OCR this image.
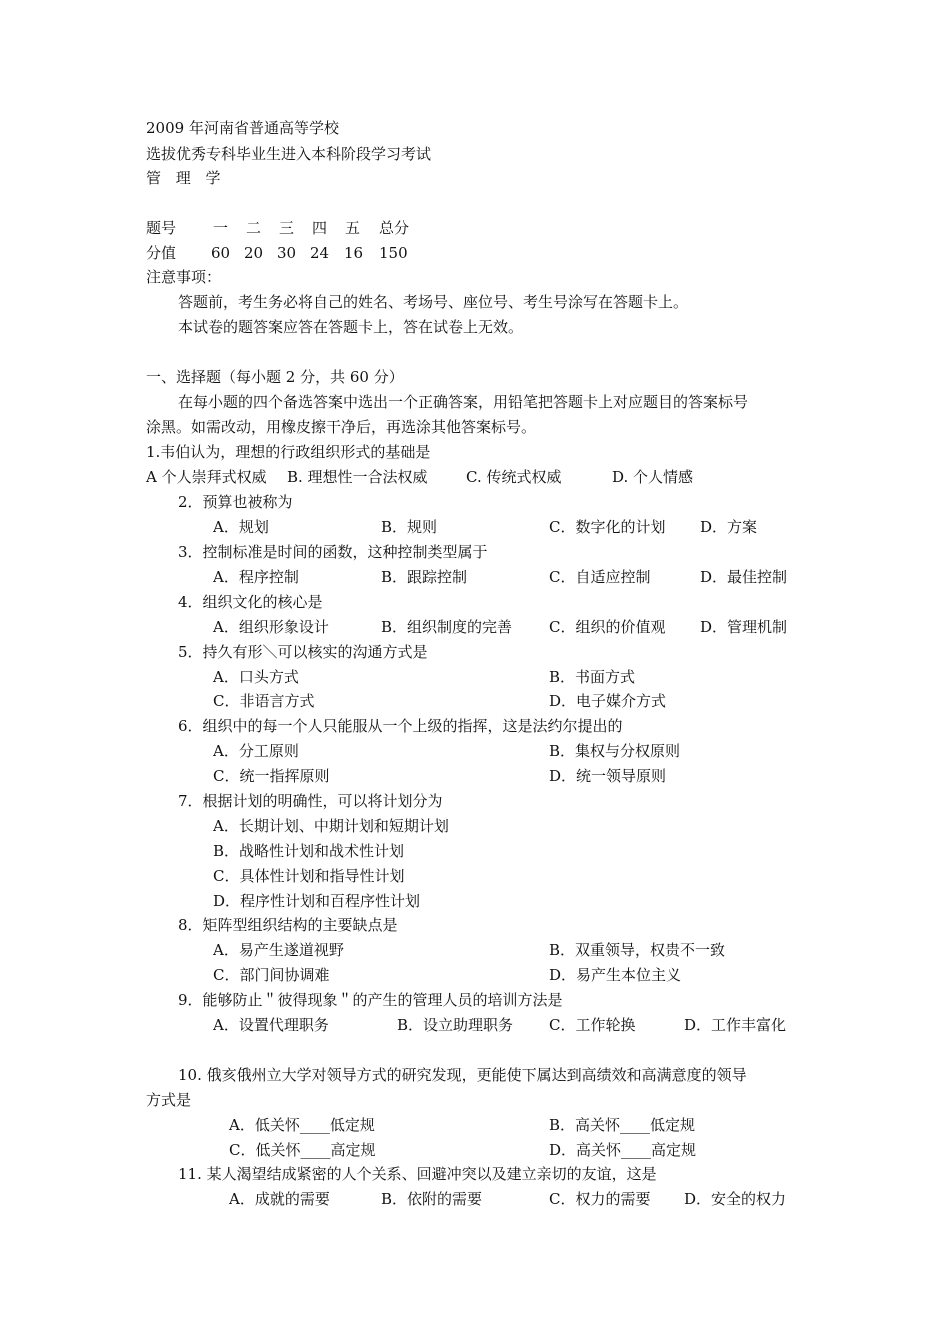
2009 年河南省普通高等学校
选拔优秀专科毕业生进入本科阶段学习考试
管 理 学
题号 一 二 三 四 五 总分
分值 60 20 30 24 16 150
注意事项：
答题前，考生务必将自己的姓名、考场号、座位号、考生号涂写在答题卡上。
本试卷的题答案应答在答题卡上，答在试卷上无效。
一、选择题（每小题 2 分，共 60 分）
在每小题的四个备选答案中选出一个正确答案，用铅笔把答题卡上对应题目的答案标号
涂黑。如需改动，用橡皮擦干净后，再选涂其他答案标号。
1.韦伯认为，理想的行政组织形式的基础是
A 个人崇拜式权威 B. 理想性一合法权威	C. 传统式权威	D. 个人情感
2．预算也被称为
A．规划	B．规则	C．数字化的计划 D．方案
3．控制标准是时间的函数，这种控制类型属于
A．程序控制	B．跟踪控制	C．自适应控制	D．最佳控制
4．组织文化的核心是
A．组织形象设计	B．组织制度的完善 C．组织的价值观 D．管理机制
5．持久有形＼可以核实的沟通方式是
A．口头方式	B．书面方式
C．非语言方式	D．电子媒介方式
6．组织中的每一个人只能服从一个上级的指挥，这是法约尔提出的
A．分工原则	B．集权与分权原则
C．统一指挥原则	D．统一领导原则
7．根据计划的明确性，可以将计划分为
A．长期计划、中期计划和短期计划
B．战略性计划和战术性计划
C．具体性计划和指导性计划
D．程序性计划和百程序性计划
8．矩阵型组织结构的主要缺点是
A．易产生遂道视野	B．双重领导，权贵不一致
C．部门间协调难	D．易产生本位主义
9．能够防止＂彼得现象＂的产生的管理人员的培训方法是
A．设置代理职务	B．设立助理职务 C．工作轮换	D．工作丰富化
10. 俄亥俄州立大学对领导方式的研究发现，更能使下属达到高绩效和高满意度的领导
方式是
A．低关怀____低定规	B．高关怀____低定规
C．低关怀____高定规	D．高关怀____高定规
11. 某人渴望结成紧密的人个关系、回避冲突以及建立亲切的友谊，这是
A．成就的需要	B．依附的需要	C．权力的需要 D．安全的权力
